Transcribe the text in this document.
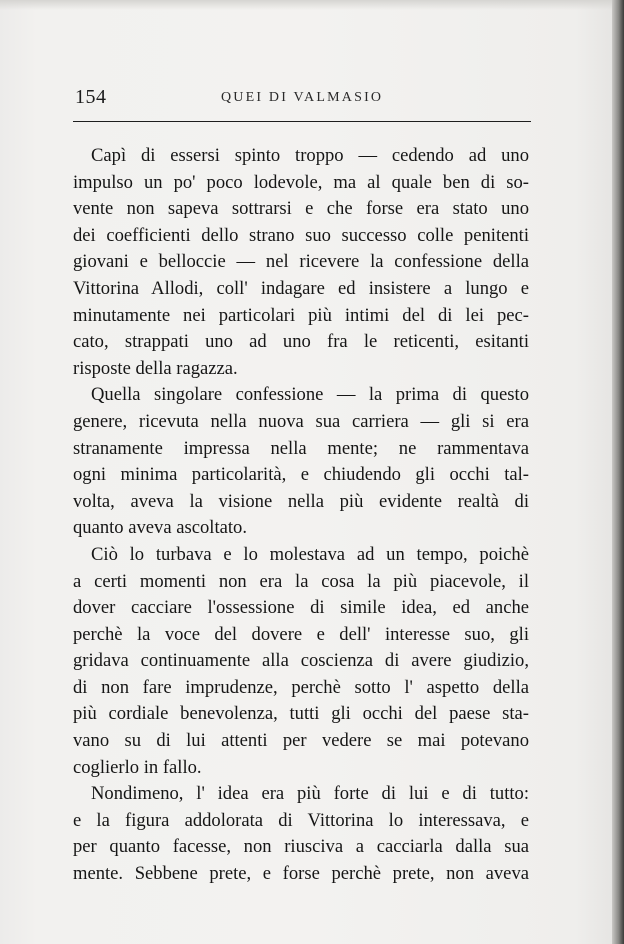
154	QUEI DI VALMASIO
Capì di essersi spinto troppo — cedendo ad uno
impulso un po' poco lodevole, ma al quale ben di so-
vente non sapeva sottrarsi e che forse era stato uno
dei coefficienti dello strano suo successo colle penitenti
giovani e belloccie — nel ricevere la confessione della
Vittorina Allodi, coll' indagare ed insistere a lungo e
minutamente nei particolari più intimi del di lei pec-
cato, strappati uno ad uno fra le reticenti, esitanti
risposte della ragazza.
Quella singolare confessione — la prima di questo
genere, ricevuta nella nuova sua carriera — gli si era
stranamente impressa nella mente; ne rammentava
ogni minima particolarità, e chiudendo gli occhi tal-
volta, aveva la visione nella più evidente realtà di
quanto aveva ascoltato.
Ciò lo turbava e lo molestava ad un tempo, poichè
a certi momenti non era la cosa la più piacevole, il
dover cacciare l'ossessione di simile idea, ed anche
perchè la voce del dovere e dell' interesse suo, gli
gridava continuamente alla coscienza di avere giudizio,
di non fare imprudenze, perchè sotto l' aspetto della
più cordiale benevolenza, tutti gli occhi del paese sta-
vano su di lui attenti per vedere se mai potevano
coglierlo in fallo.
Nondimeno, l' idea era più forte di lui e di tutto:
e la figura addolorata di Vittorina lo interessava, e
per quanto facesse, non riusciva a cacciarla dalla sua
mente. Sebbene prete, e forse perchè prete, non aveva
